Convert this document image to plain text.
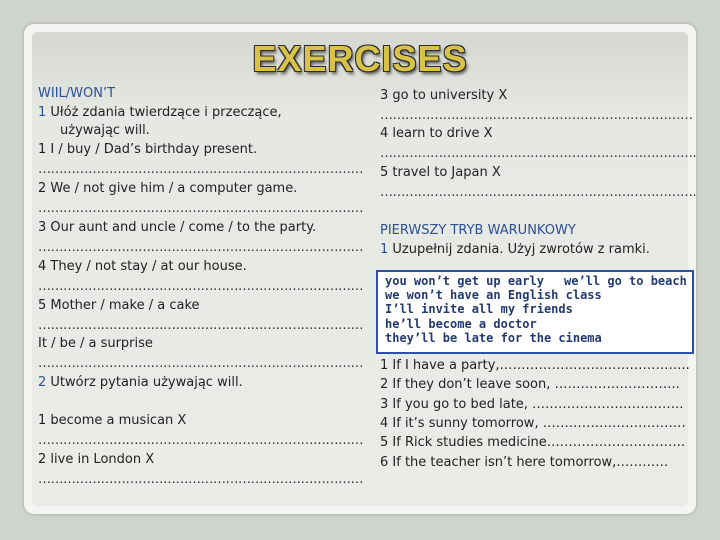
EXERCISES
WIIL/WON’T
1 Ułóż zdania twierdzące i przeczące,
używając will.
1 I / buy / Dad’s birthday present.
……………………………………………………………………
2 We / not give him / a computer game.
……………………………………………………………………
3 Our aunt and uncle / come / to the party.
……………………………………………………………………
4 They / not stay / at our house.
……………………………………………………………………
5 Mother / make / a cake
……………………………………………………………………
It / be / a surprise
……………………………………………………………………
2 Utwórz pytania używając will.
1 become a musican X
……………………………………………………………………
2 live in London X
……………………………………………………………………
3 go to university X
…………………………………………………………………
4 learn to drive X
………………………………………………………………….
5 travel to Japan X
………………………………………………………………….
PIERWSZY TRYB WARUNKOWY
1 Uzupełnij zdania. Użyj zwrotów z ramki.
1 If I have a party,……………………………………..
2 If they don’t leave soon, ………………………..
3 If you go to bed late, ……………………………..
4 If it’s sunny tomorrow, ……………………………
5 If Rick studies medicine…………………………..
6 If the teacher isn’t here tomorrow,…………
you won’t get up early we’ll go to beach
we won’t have an English class
I’ll invite all my friends
he’ll become a doctor
they’ll be late for the cinema
